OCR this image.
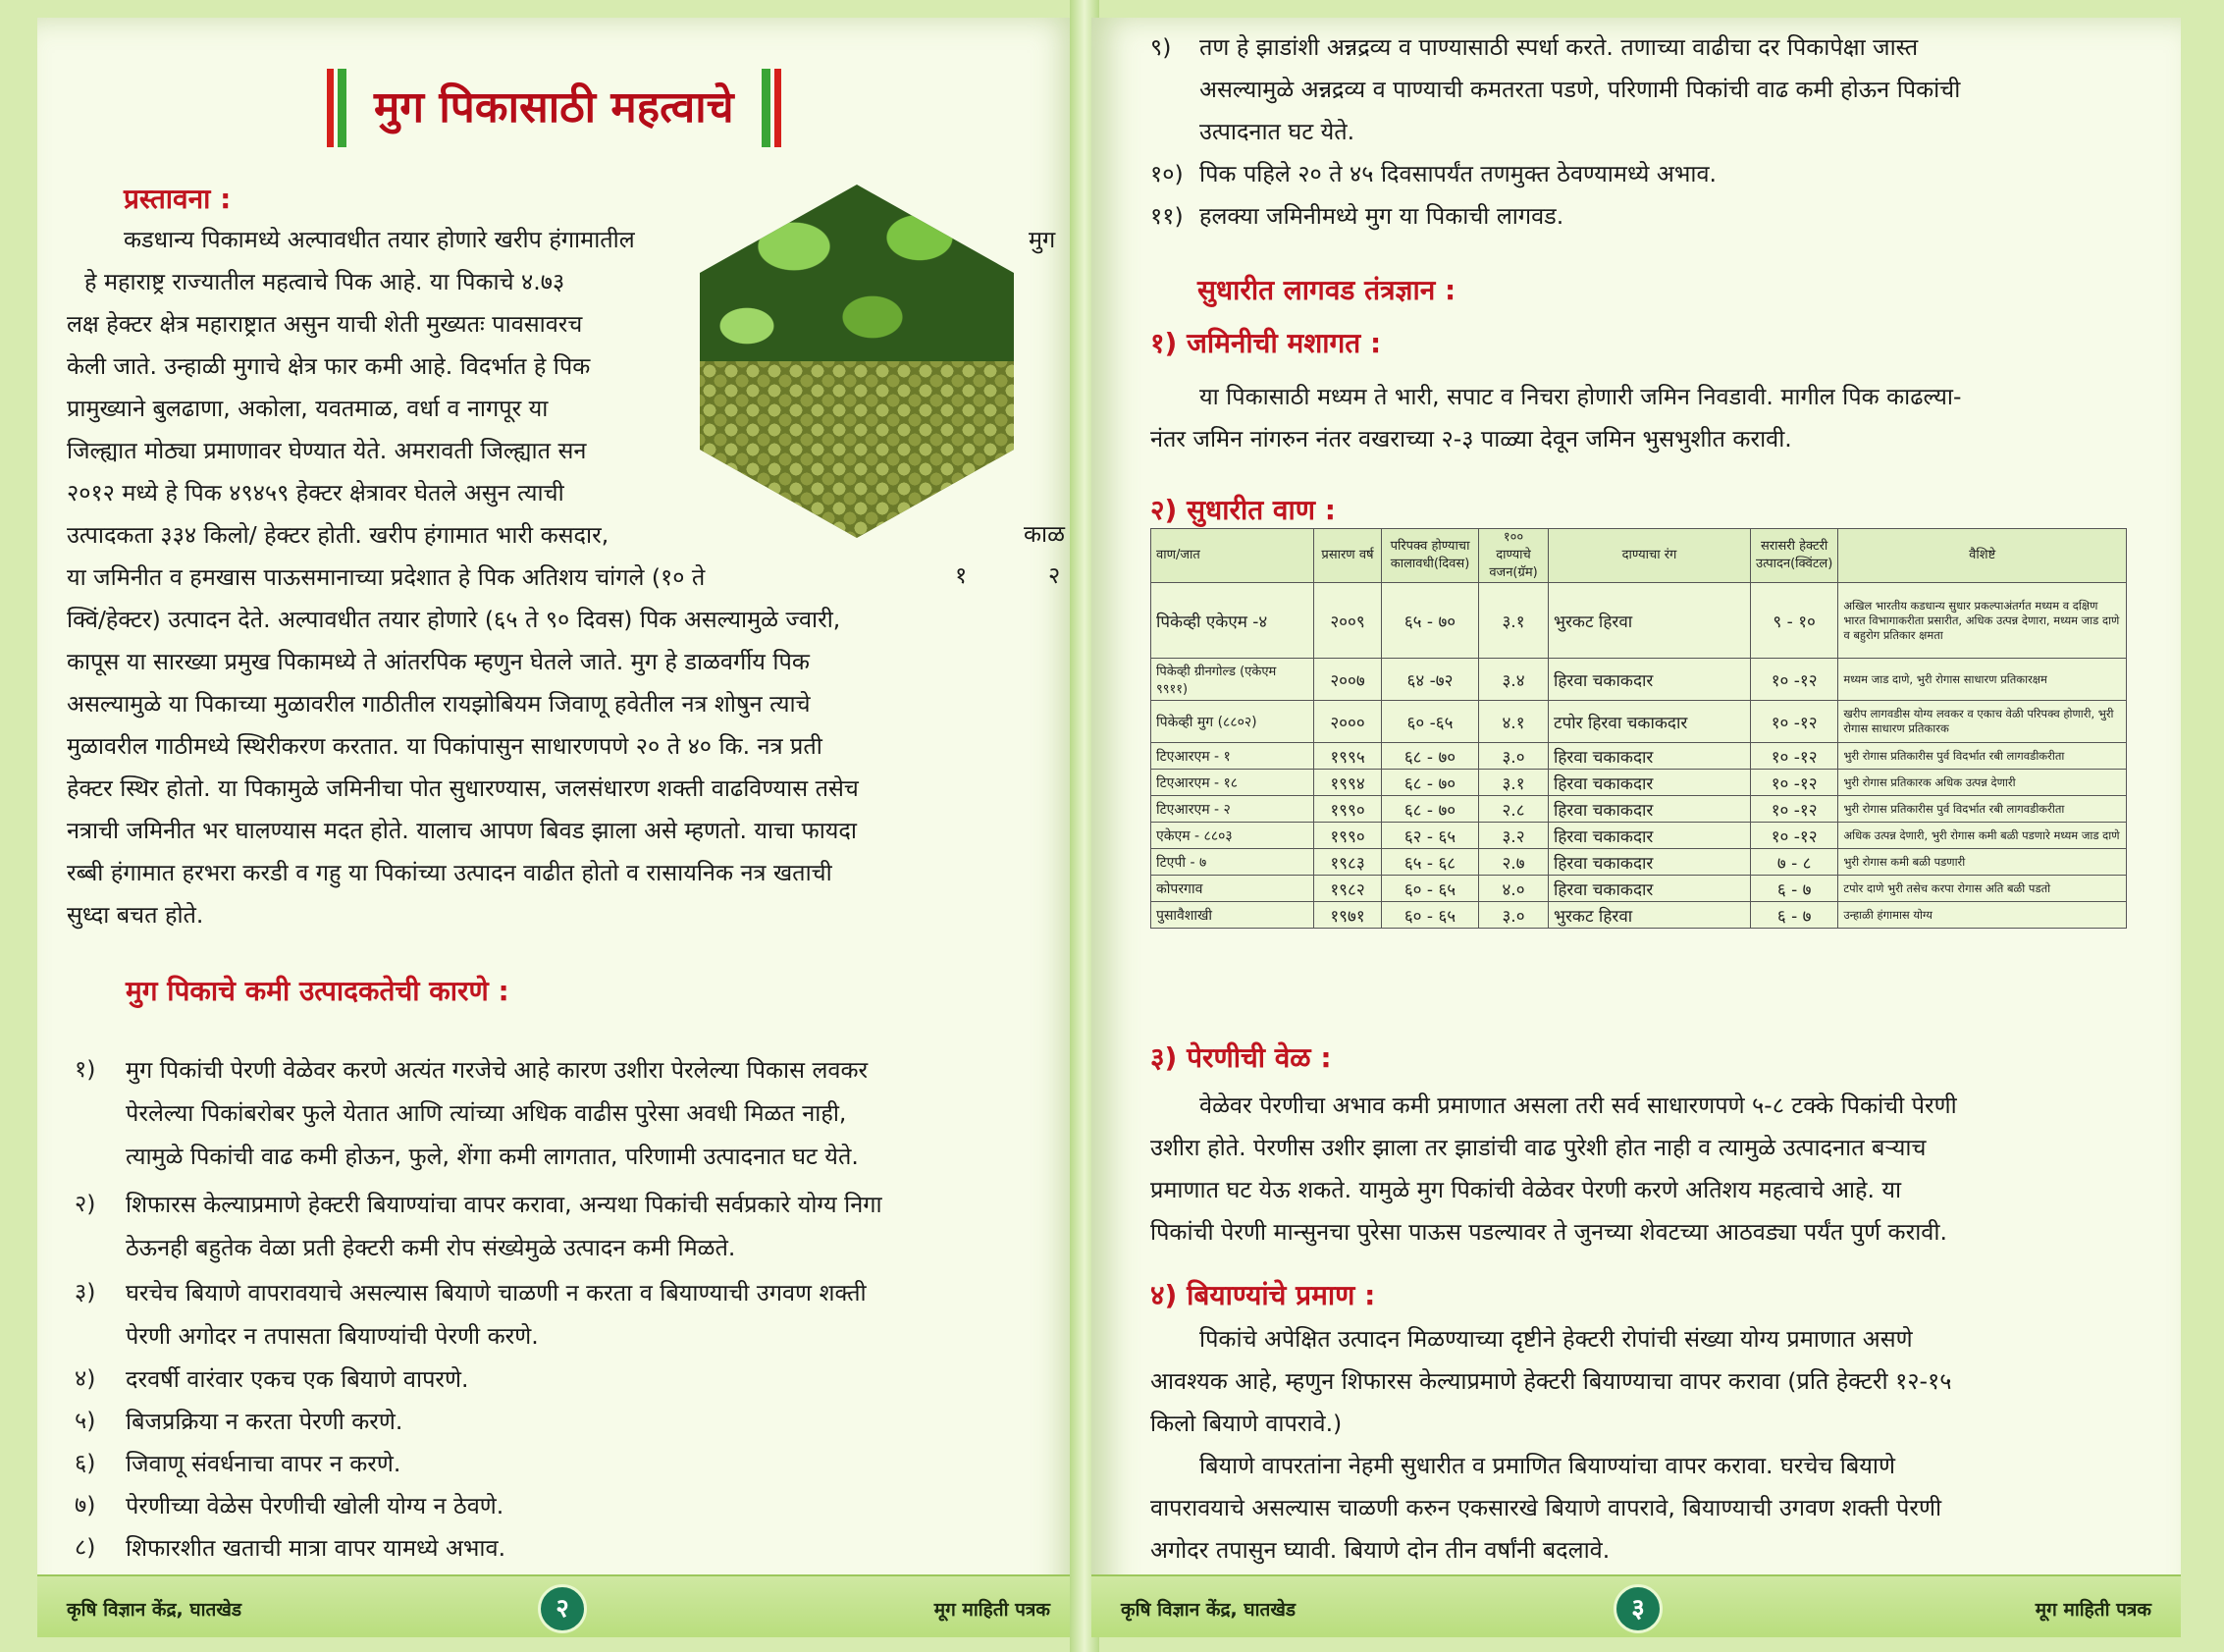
मुग पिकासाठी महत्वाचे
प्रस्तावना :
मुग
काळ
१	२
कडधान्य पिकामध्ये अल्पावधीत तयार होणारे खरीप हंगामातील
हे महाराष्ट्र राज्यातील महत्वाचे पिक आहे. या पिकाचे ४.७३
लक्ष हेक्टर क्षेत्र महाराष्ट्रात असुन याची शेती मुख्यतः पावसावरच
केली जाते. उन्हाळी मुगाचे क्षेत्र फार कमी आहे. विदर्भात हे पिक
प्रामुख्याने बुलढाणा, अकोला, यवतमाळ, वर्धा व नागपूर या
जिल्ह्यात मोठ्या प्रमाणावर घेण्यात येते. अमरावती जिल्ह्यात सन
२०१२ मध्ये हे पिक ४९४५९ हेक्टर क्षेत्रावर घेतले असुन त्याची
उत्पादकता ३३४ किलो/ हेक्टर होती. खरीप हंगामात भारी कसदार,
या जमिनीत व हमखास पाऊसमानाच्या प्रदेशात हे पिक अतिशय चांगले (१० ते
क्विं/हेक्टर) उत्पादन देते. अल्पावधीत तयार होणारे (६५ ते ९० दिवस) पिक असल्यामुळे ज्वारी,
कापूस या सारख्या प्रमुख पिकामध्ये ते आंतरपिक म्हणुन घेतले जाते. मुग हे डाळवर्गीय पिक
असल्यामुळे या पिकाच्या मुळावरील गाठीतील रायझोबियम जिवाणू हवेतील नत्र शोषुन त्याचे
मुळावरील गाठीमध्ये स्थिरीकरण करतात. या पिकांपासुन साधारणपणे २० ते ४० कि. नत्र प्रती
हेक्टर स्थिर होतो. या पिकामुळे जमिनीचा पोत सुधारण्यास, जलसंधारण शक्ती वाढविण्यास तसेच
नत्राची जमिनीत भर घालण्यास मदत होते. यालाच आपण बिवड झाला असे म्हणतो. याचा फायदा
रब्बी हंगामात हरभरा करडी व गहु या पिकांच्या उत्पादन वाढीत होतो व रासायनिक नत्र खताची
सुध्दा बचत होते.
मुग पिकाचे कमी उत्पादकतेची कारणे :
१) मुग पिकांची पेरणी वेळेवर करणे अत्यंत गरजेचे आहे कारण उशीरा पेरलेल्या पिकास लवकर
पेरलेल्या पिकांबरोबर फुले येतात आणि त्यांच्या अधिक वाढीस पुरेसा अवधी मिळत नाही,
त्यामुळे पिकांची वाढ कमी होऊन, फुले, शेंगा कमी लागतात, परिणामी उत्पादनात घट येते.
२) शिफारस केल्याप्रमाणे हेक्टरी बियाण्यांचा वापर करावा, अन्यथा पिकांची सर्वप्रकारे योग्य निगा
ठेऊनही बहुतेक वेळा प्रती हेक्टरी कमी रोप संख्येमुळे उत्पादन कमी मिळते.
३) घरचेच बियाणे वापरावयाचे असल्यास बियाणे चाळणी न करता व बियाण्याची उगवण शक्ती
पेरणी अगोदर न तपासता बियाण्यांची पेरणी करणे.
४) दरवर्षी वारंवार एकच एक बियाणे वापरणे.
५) बिजप्रक्रिया न करता पेरणी करणे.
६) जिवाणू संवर्धनाचा वापर न करणे.
७) पेरणीच्या वेळेस पेरणीची खोली योग्य न ठेवणे.
८) शिफारशीत खताची मात्रा वापर यामध्ये अभाव.
कृषि विज्ञान केंद्र, घातखेड	२	मूग माहिती पत्रक
९) तण हे झाडांशी अन्नद्रव्य व पाण्यासाठी स्पर्धा करते. तणाच्या वाढीचा दर पिकापेक्षा जास्त
असल्यामुळे अन्नद्रव्य व पाण्याची कमतरता पडणे, परिणामी पिकांची वाढ कमी होऊन पिकांची
उत्पादनात घट येते.
१०) पिक पहिले २० ते ४५ दिवसापर्यंत तणमुक्त ठेवण्यामध्ये अभाव.
११) हलक्या जमिनीमध्ये मुग या पिकाची लागवड.
सुधारीत लागवड तंत्रज्ञान :
१) जमिनीची मशागत :
या पिकासाठी मध्यम ते भारी, सपाट व निचरा होणारी जमिन निवडावी. मागील पिक काढल्या-
नंतर जमिन नांगरुन नंतर वखराच्या २-३ पाळ्या देवून जमिन भुसभुशीत करावी.
२) सुधारीत वाण :
वाण/जात	प्रसारण वर्ष	परिपक्व होण्याचा कालावधी(दिवस)	१०० दाण्याचे वजन(ग्रॅम)	दाण्याचा रंग	सरासरी हेक्टरी उत्पादन(क्विंटल)	वैशिष्टे
पिकेव्ही एकेएम -४	२००९	६५ - ७०	३.१	भुरकट हिरवा	९ - १०	अखिल भारतीय कडधान्य सुधार प्रकल्पाअंतर्गत मध्यम व दक्षिण भारत विभागाकरीता प्रसारीत, अधिक उत्पन्न देणारा, मध्यम जाड दाणे व बहुरोग प्रतिकार क्षमता
पिकेव्ही ग्रीनगोल्ड (एकेएम ९९११)	२००७	६४ -७२	३.४	हिरवा चकाकदार	१० -१२	मध्यम जाड दाणे, भुरी रोगास साधारण प्रतिकारक्षम
पिकेव्ही मुग (८८०२)	२०००	६० -६५	४.१	टपोर हिरवा चकाकदार	१० -१२	खरीप लागवडीस योग्य लवकर व एकाच वेळी परिपक्व होणारी, भुरी रोगास साधारण प्रतिकारक
टिएआरएम - १	१९९५	६८ - ७०	३.०	हिरवा चकाकदार	१० -१२	भुरी रोगास प्रतिकारीस पुर्व विदर्भात रबी लागवडीकरीता
टिएआरएम - १८	१९९४	६८ - ७०	३.१	हिरवा चकाकदार	१० -१२	भुरी रोगास प्रतिकारक अधिक उत्पन्न देणारी
टिएआरएम - २	१९९०	६८ - ७०	२.८	हिरवा चकाकदार	१० -१२	भुरी रोगास प्रतिकारीस पुर्व विदर्भात रबी लागवडीकरीता
एकेएम - ८८०३	१९९०	६२ - ६५	३.२	हिरवा चकाकदार	१० -१२	अधिक उत्पन्न देणारी, भुरी रोगास कमी बळी पडणारे मध्यम जाड दाणे
टिएपी - ७	१९८३	६५ - ६८	२.७	हिरवा चकाकदार	७ - ८	भुरी रोगास कमी बळी पडणारी
कोपरगाव	१९८२	६० - ६५	४.०	हिरवा चकाकदार	६ - ७	टपोर दाणे भुरी तसेच करपा रोगास अति बळी पडतो
पुसावैशाखी	१९७१	६० - ६५	३.०	भुरकट हिरवा	६ - ७	उन्हाळी हंगामास योग्य
३) पेरणीची वेळ :
वेळेवर पेरणीचा अभाव कमी प्रमाणात असला तरी सर्व साधारणपणे ५-८ टक्के पिकांची पेरणी
उशीरा होते. पेरणीस उशीर झाला तर झाडांची वाढ पुरेशी होत नाही व त्यामुळे उत्पादनात बऱ्याच
प्रमाणात घट येऊ शकते. यामुळे मुग पिकांची वेळेवर पेरणी करणे अतिशय महत्वाचे आहे. या
पिकांची पेरणी मान्सुनचा पुरेसा पाऊस पडल्यावर ते जुनच्या शेवटच्या आठवड्या पर्यंत पुर्ण करावी.
४) बियाण्यांचे प्रमाण :
पिकांचे अपेक्षित उत्पादन मिळण्याच्या दृष्टीने हेक्टरी रोपांची संख्या योग्य प्रमाणात असणे
आवश्यक आहे, म्हणुन शिफारस केल्याप्रमाणे हेक्टरी बियाण्याचा वापर करावा (प्रति हेक्टरी १२-१५
किलो बियाणे वापरावे.)
बियाणे वापरतांना नेहमी सुधारीत व प्रमाणित बियाण्यांचा वापर करावा. घरचेच बियाणे
वापरावयाचे असल्यास चाळणी करुन एकसारखे बियाणे वापरावे, बियाण्याची उगवण शक्ती पेरणी
अगोदर तपासुन घ्यावी. बियाणे दोन तीन वर्षांनी बदलावे.
कृषि विज्ञान केंद्र, घातखेड	३	मूग माहिती पत्रक
